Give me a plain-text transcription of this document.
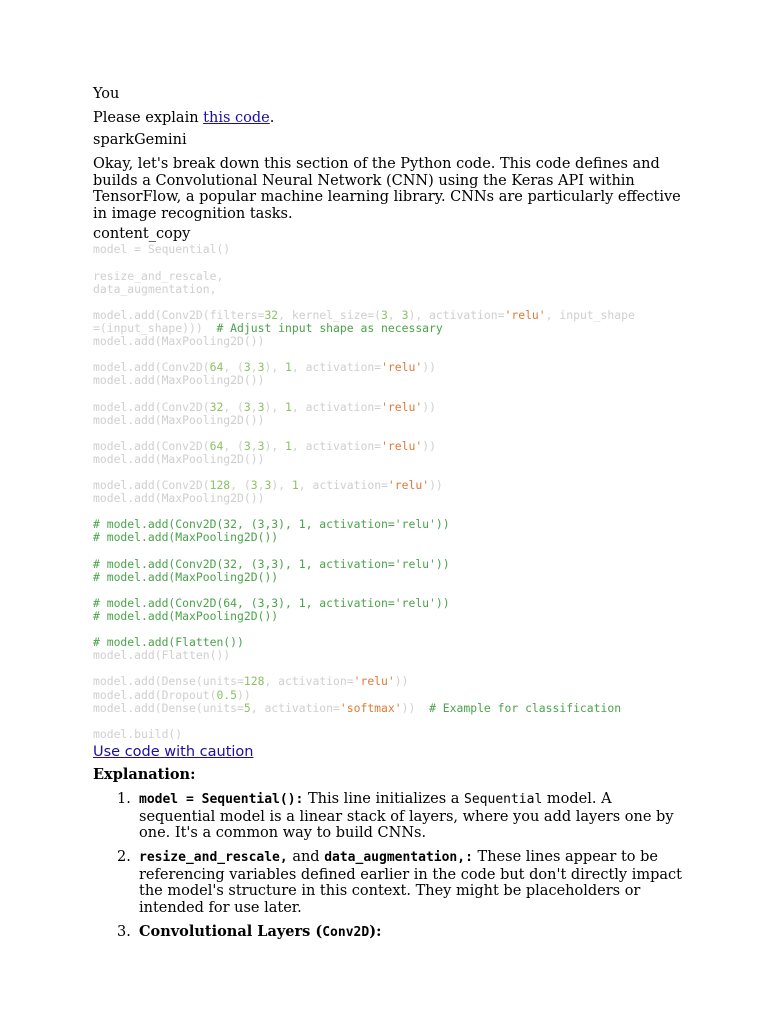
You

Please explain this code.

sparkGemini

Okay, let's break down this section of the Python code. This code defines and builds a Convolutional Neural Network (CNN) using the Keras API within TensorFlow, a popular machine learning library. CNNs are particularly effective in image recognition tasks.

content_copy

model = Sequential()
resize_and_rescale,
data_augmentation,
model.add(Conv2D(filters=32, kernel_size=(3, 3), activation='relu', input_shape
=(input_shape)))  # Adjust input shape as necessary
model.add(MaxPooling2D())
model.add(Conv2D(64, (3,3), 1, activation='relu'))
model.add(MaxPooling2D())
model.add(Conv2D(32, (3,3), 1, activation='relu'))
model.add(MaxPooling2D())
model.add(Conv2D(64, (3,3), 1, activation='relu'))
model.add(MaxPooling2D())
model.add(Conv2D(128, (3,3), 1, activation='relu'))
model.add(MaxPooling2D())
# model.add(Conv2D(32, (3,3), 1, activation='relu'))
# model.add(MaxPooling2D())
# model.add(Conv2D(32, (3,3), 1, activation='relu'))
# model.add(MaxPooling2D())
# model.add(Conv2D(64, (3,3), 1, activation='relu'))
# model.add(MaxPooling2D())
# model.add(Flatten())
model.add(Flatten())
model.add(Dense(units=128, activation='relu'))
model.add(Dropout(0.5))
model.add(Dense(units=5, activation='softmax'))  # Example for classification
model.build()
Use code with caution
Explanation:
1. model = Sequential(): This line initializes a Sequential model. A sequential model is a linear stack of layers, where you add layers one by one. It's a common way to build CNNs.
2. resize_and_rescale, and data_augmentation,: These lines appear to be referencing variables defined earlier in the code but don't directly impact the model's structure in this context. They might be placeholders or intended for use later.
3. Convolutional Layers (Conv2D):
